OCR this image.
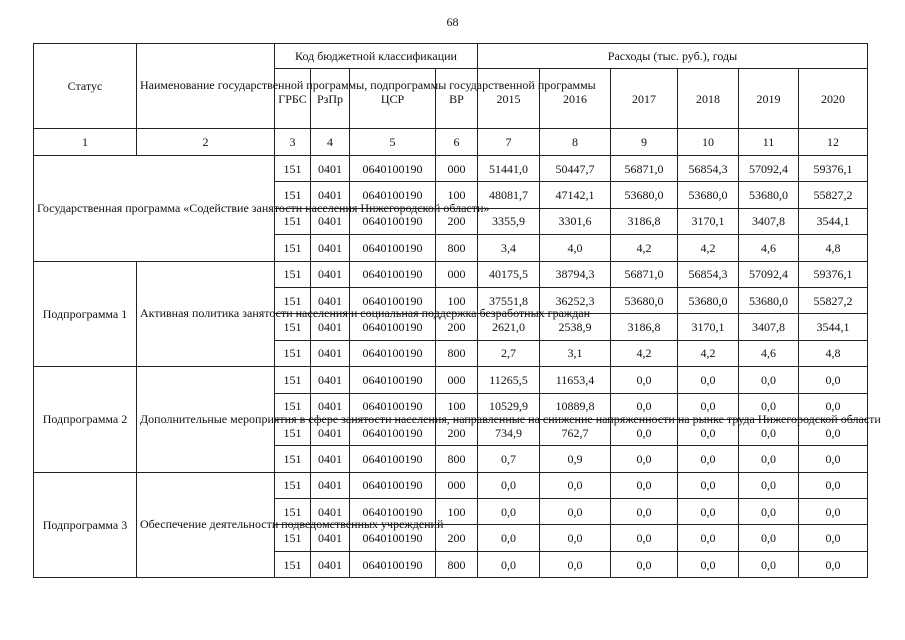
68
Статус	Наименование государственной программы, подпрограммы государственной программы	Код бюджетной классификации				Расходы (тыс. руб.), годы					
		ГРБС	РзПр	ЦСР	ВР	2015	2016	2017	2018	2019	2020
1	2	3	4	5	6	7	8	9	10	11	12
Государственная программа «Содействие занятости населения Нижегородской области»		151	0401	0640100190	000	51441,0	50447,7	56871,0	56854,3	57092,4	59376,1
		151	0401	0640100190	100	48081,7	47142,1	53680,0	53680,0	53680,0	55827,2
		151	0401	0640100190	200	3355,9	3301,6	3186,8	3170,1	3407,8	3544,1
		151	0401	0640100190	800	3,4	4,0	4,2	4,2	4,6	4,8
Подпрограмма 1	Активная политика занятости населения и социальная поддержка безработных граждан	151	0401	0640100190	000	40175,5	38794,3	56871,0	56854,3	57092,4	59376,1
		151	0401	0640100190	100	37551,8	36252,3	53680,0	53680,0	53680,0	55827,2
		151	0401	0640100190	200	2621,0	2538,9	3186,8	3170,1	3407,8	3544,1
		151	0401	0640100190	800	2,7	3,1	4,2	4,2	4,6	4,8
Подпрограмма 2	Дополнительные мероприятия в сфере занятости населения, направленные на снижение напряженности на рынке труда Нижегородской области	151	0401	0640100190	000	11265,5	11653,4	0,0	0,0	0,0	0,0
		151	0401	0640100190	100	10529,9	10889,8	0,0	0,0	0,0	0,0
		151	0401	0640100190	200	734,9	762,7	0,0	0,0	0,0	0,0
		151	0401	0640100190	800	0,7	0,9	0,0	0,0	0,0	0,0
Подпрограмма 3	Обеспечение деятельности подведомственных учреждений	151	0401	0640100190	000	0,0	0,0	0,0	0,0	0,0	0,0
		151	0401	0640100190	100	0,0	0,0	0,0	0,0	0,0	0,0
		151	0401	0640100190	200	0,0	0,0	0,0	0,0	0,0	0,0
		151	0401	0640100190	800	0,0	0,0	0,0	0,0	0,0	0,0
